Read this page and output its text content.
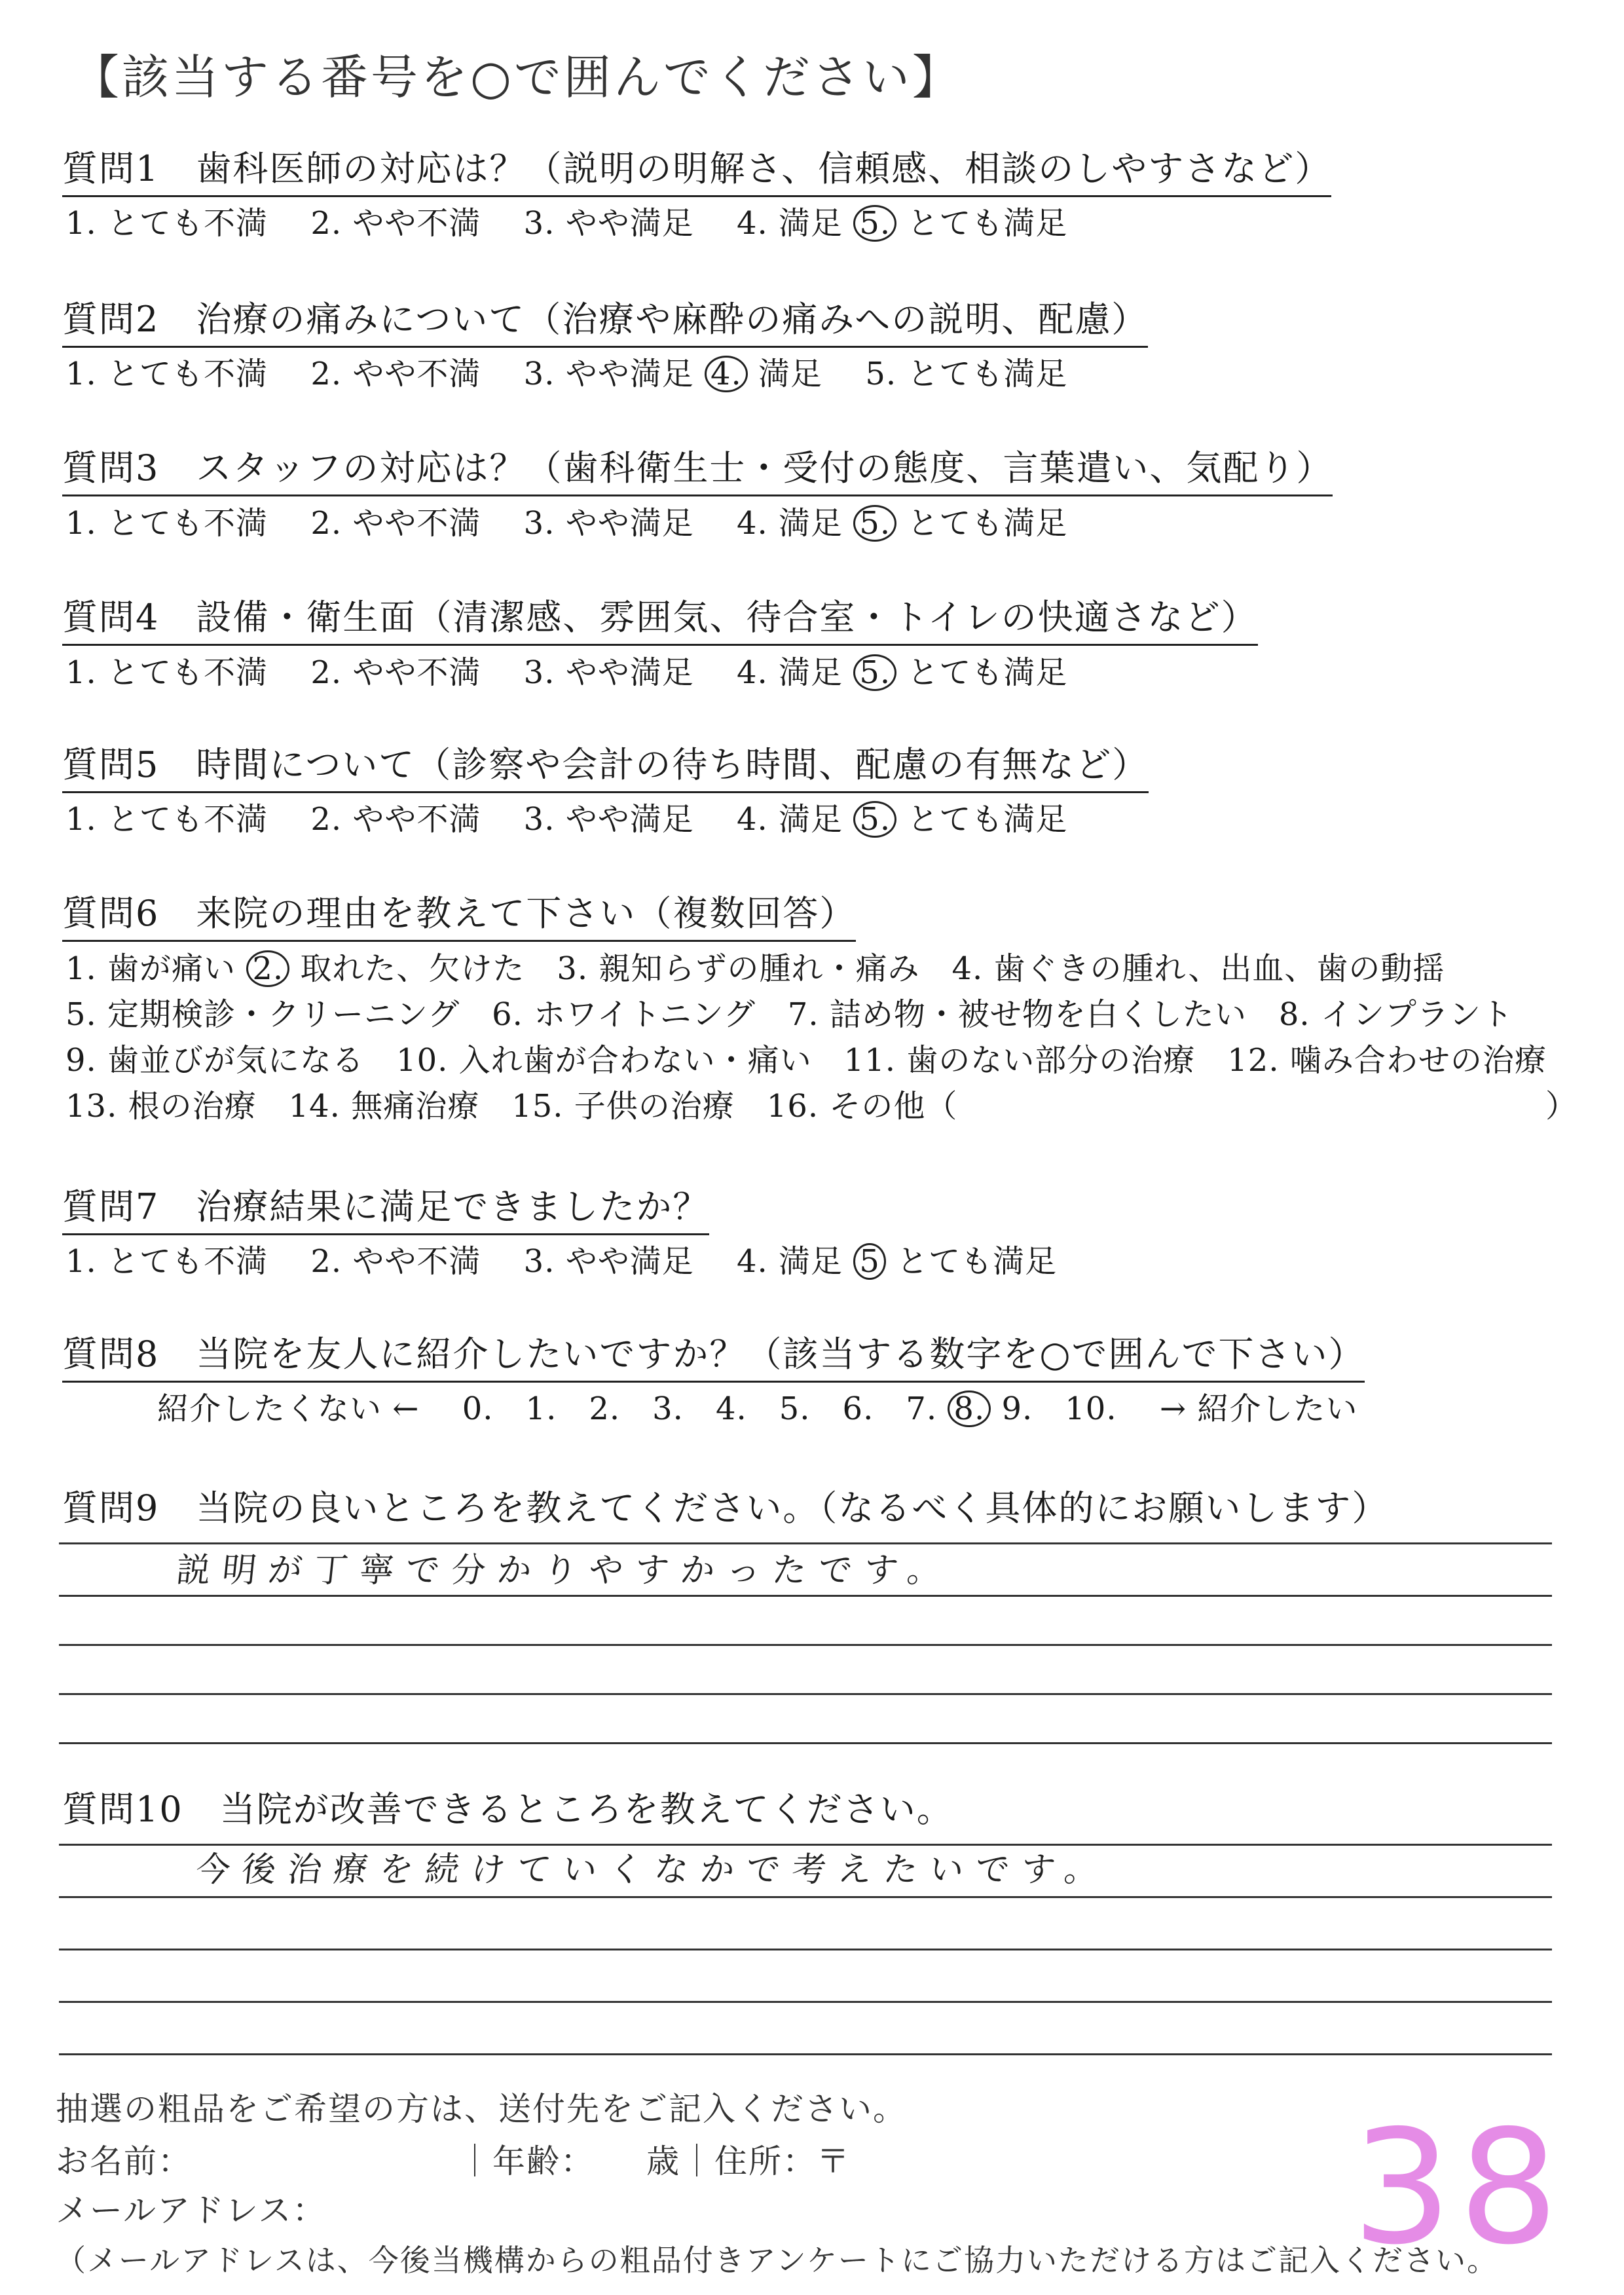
【該当する番号を○で囲んでください】
質問1　歯科医師の対応は？（説明の明解さ、信頼感、相談のしやすさなど）
1. とても不満　 2. やや不満　 3. やや満足　 4. 満足 5. とても満足
質問2　治療の痛みについて（治療や麻酔の痛みへの説明、配慮）
1. とても不満　 2. やや不満　 3. やや満足 4. 満足　 5. とても満足
質問3　スタッフの対応は？（歯科衛生士・受付の態度、言葉遣い、気配り）
1. とても不満　 2. やや不満　 3. やや満足　 4. 満足 5. とても満足
質問4　設備・衛生面（清潔感、雰囲気、待合室・トイレの快適さなど）
1. とても不満　 2. やや不満　 3. やや満足　 4. 満足 5. とても満足
質問5　時間について（診察や会計の待ち時間、配慮の有無など）
1. とても不満　 2. やや不満　 3. やや満足　 4. 満足 5. とても満足
質問6　来院の理由を教えて下さい（複数回答）
1. 歯が痛い 2. 取れた、欠けた　3. 親知らずの腫れ・痛み　4. 歯ぐきの腫れ、出血、歯の動揺
5. 定期検診・クリーニング　6. ホワイトニング　7. 詰め物・被せ物を白くしたい　8. インプラント
9. 歯並びが気になる　10. 入れ歯が合わない・痛い　11. 歯のない部分の治療　12. 噛み合わせの治療
13. 根の治療　14. 無痛治療　15. 子供の治療　16. その他（	）
質問7　治療結果に満足できましたか？
1. とても不満　 2. やや不満　 3. やや満足　 4. 満足 5 とても満足
質問8　当院を友人に紹介したいですか？（該当する数字を○で囲んで下さい）
紹介したくない ←　 0.　1.　2.　3.　4.　5.　6.　7. 8. 9.　10.　 → 紹介したい
質問9　当院の良いところを教えてください。（なるべく具体的にお願いします）
説明が丁寧で分かりやすかったです。
質問10　当院が改善できるところを教えてください。
今後治療を続けていくなかで考えたいです。
抽選の粗品をご希望の方は、送付先をご記入ください。
お名前：	｜年齢：　　歳｜住所：〒
メールアドレス：
（メールアドレスは、今後当機構からの粗品付きアンケートにご協力いただける方はご記入ください。
38
